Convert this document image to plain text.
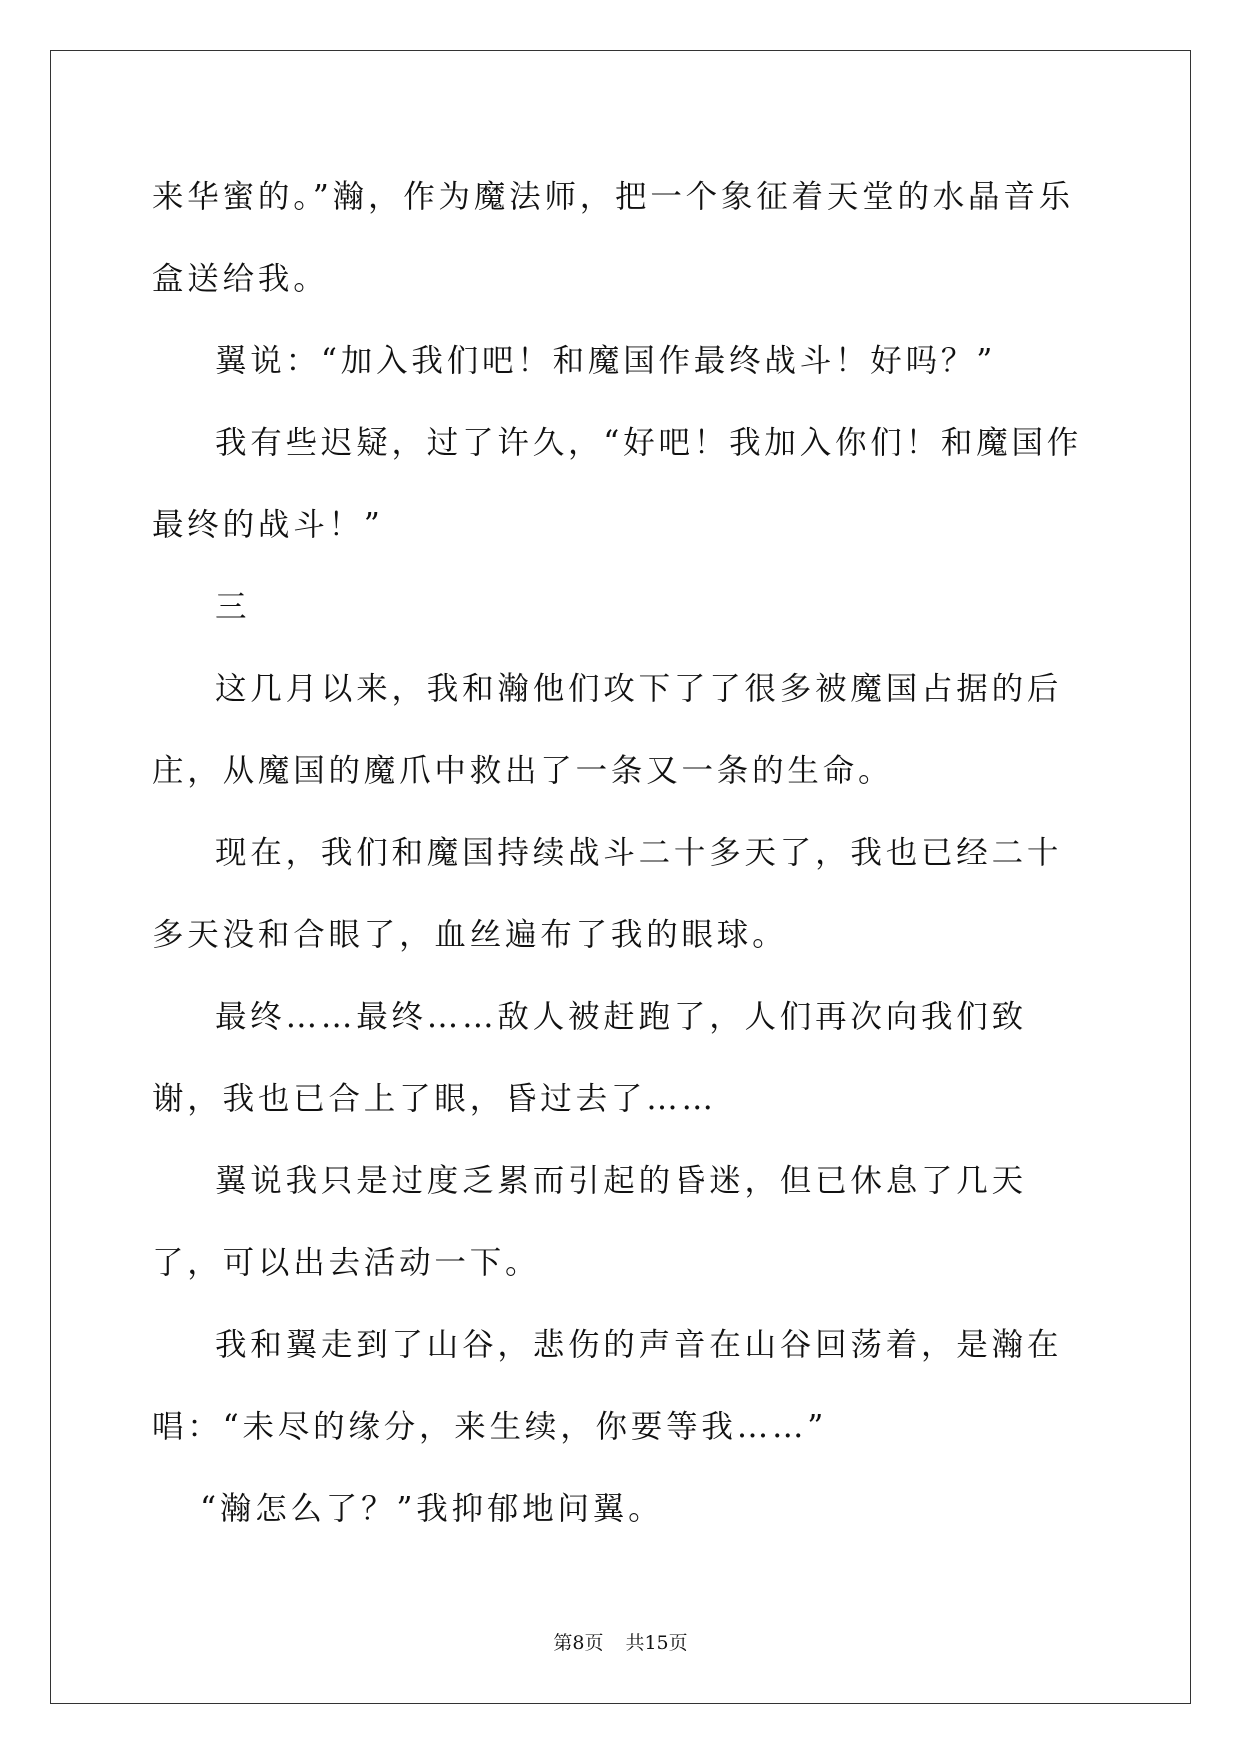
来华蜜的。”瀚，作为魔法师，把一个象征着天堂的水晶音乐盒送给我。

翼说：“加入我们吧！和魔国作最终战斗！好吗？”

我有些迟疑，过了许久，“好吧！我加入你们！和魔国作最终的战斗！”

三

这几月以来，我和瀚他们攻下了了很多被魔国占据的后庄，从魔国的魔爪中救出了一条又一条的生命。

现在，我们和魔国持续战斗二十多天了，我也已经二十多天没和合眼了，血丝遍布了我的眼球。

最终……最终……敌人被赶跑了，人们再次向我们致谢，我也已合上了眼，昏过去了……

翼说我只是过度乏累而引起的昏迷，但已休息了几天了，可以出去活动一下。

我和翼走到了山谷，悲伤的声音在山谷回荡着，是瀚在唱：“未尽的缘分，来生续，你要等我……”

“瀚怎么了？”我抑郁地问翼。

第8页 共15页
